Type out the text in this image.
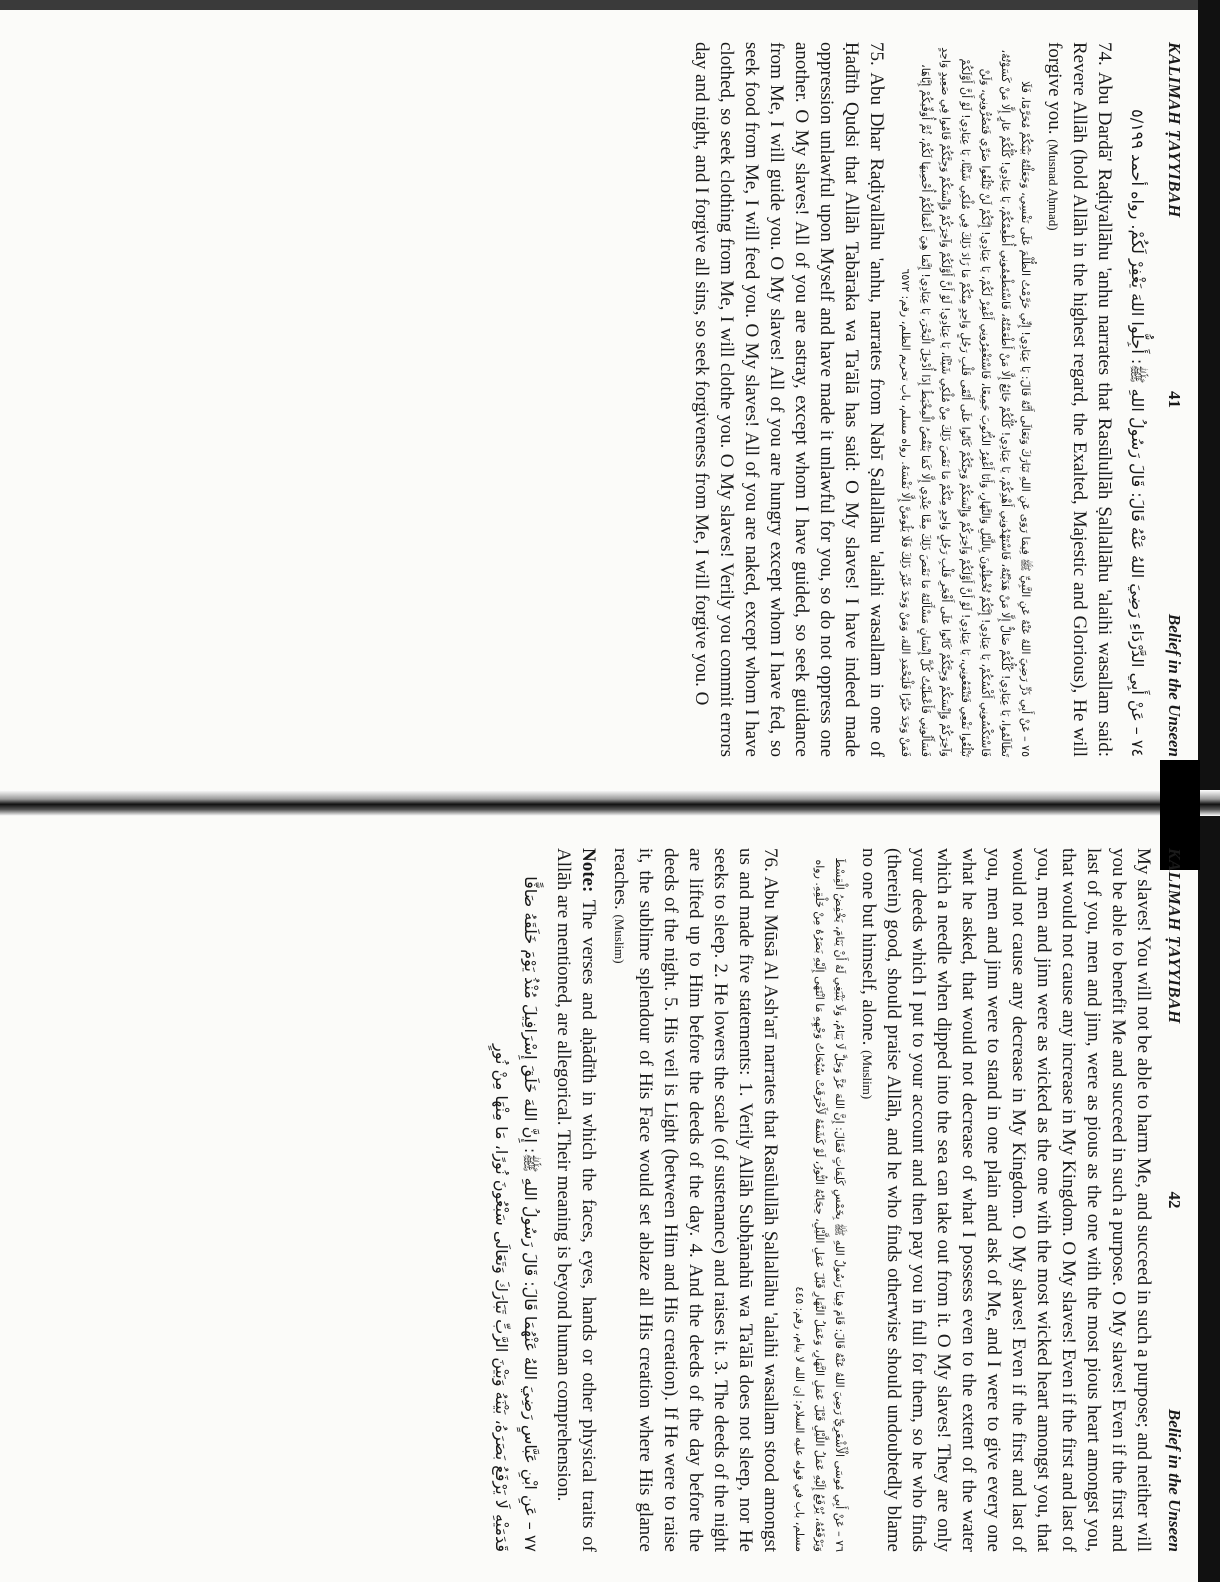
KALIMAH ṬAYYIBAH
41
Belief in the Unseen

٧٤ – عَنْ أَبِي الدَّرْدَاءِ رَضِيَ اللهُ عَنْهُ قَالَ: قَالَ رَسُولُ اللهِ ﷺ: أَجِلُّوا اللهَ يَغْفِرْ لَكُمْ. رواه أحمد ٥/١٩٩

74. Abu Dardā' Raḍiyallāhu 'anhu narrates that Rasūlullāh Ṣallallāhu 'alaihi wasallam said: Revere Allāh (hold Allāh in the highest regard, the Exalted, Majestic and Glorious), He will forgive you. (Musnad Aḥmad)

٧٥ – عَنْ أَبِي ذَرٍّ رَضِيَ اللهُ عَنْهُ عَنِ النَّبِيِّ ﷺ فِيمَا رَوَى عَنِ اللهِ تَبَارَكَ وَتَعَالَى أَنَّهُ قَالَ: يَا عِبَادِي! إِنِّي حَرَّمْتُ الظُّلْمَ عَلَى نَفْسِي، وَجَعَلْتُهُ بَيْنَكُمْ مُحَرَّمًا، فَلَا تَظَالَمُوا، يَا عِبَادِي! كُلُّكُمْ ضَالٌّ إِلَّا مَنْ هَدَيْتُهُ، فَاسْتَهْدُونِي أَهْدِكُمْ، يَا عِبَادِي! كُلُّكُمْ جَائِعٌ إِلَّا مَنْ أَطْعَمْتُهُ، فَاسْتَطْعِمُونِي أُطْعِمْكُمْ، يَا عِبَادِي! كُلُّكُمْ عَارٍ إِلَّا مَنْ كَسَوْتُهُ، فَاسْتَكْسُونِي أَكْسُكُمْ، يَا عِبَادِي! إِنَّكُمْ تُخْطِئُونَ بِاللَّيْلِ وَالنَّهَارِ، وَأَنَا أَغْفِرُ الذُّنُوبَ جَمِيعًا، فَاسْتَغْفِرُونِي أَغْفِرْ لَكُمْ، يَا عِبَادِي! إِنَّكُمْ لَنْ تَبْلُغُوا ضَرِّي فَتَضُرُّونِي، وَلَنْ تَبْلُغُوا نَفْعِي فَتَنْفَعُونِي، يَا عِبَادِي! لَوْ أَنَّ أَوَّلَكُمْ وَآخِرَكُمْ وَإِنْسَكُمْ وَجِنَّكُمْ كَانُوا عَلَى أَتْقَى قَلْبِ رَجُلٍ وَاحِدٍ مِنْكُمْ مَا زَادَ ذَلِكَ فِي مُلْكِي شَيْئًا، يَا عِبَادِي! لَوْ أَنَّ أَوَّلَكُمْ وَآخِرَكُمْ وَإِنْسَكُمْ وَجِنَّكُمْ كَانُوا عَلَى أَفْجَرِ قَلْبِ رَجُلٍ وَاحِدٍ مِنْكُمْ مَا نَقَصَ ذَلِكَ مِنْ مُلْكِي شَيْئًا، يَا عِبَادِي! لَوْ أَنَّ أَوَّلَكُمْ وَآخِرَكُمْ وَإِنْسَكُمْ وَجِنَّكُمْ قَامُوا فِي صَعِيدٍ وَاحِدٍ فَسَأَلُونِي فَأَعْطَيْتُ كُلَّ إِنْسَانٍ مَسْأَلَتَهُ مَا نَقَصَ ذَلِكَ مِمَّا عِنْدِي إِلَّا كَمَا يَنْقُصُ الْمِخْيَطُ إِذَا أُدْخِلَ الْبَحْرَ، يَا عِبَادِي! إِنَّمَا هِيَ أَعْمَالُكُمْ أُحْصِيهَا لَكُمْ، ثُمَّ أُوَفِّيكُمْ إِيَّاهَا، فَمَنْ وَجَدَ خَيْرًا فَلْيَحْمَدِ اللهَ، وَمَنْ وَجَدَ غَيْرَ ذَلِكَ فَلَا يَلُومَنَّ إِلَّا نَفْسَهُ. رواه مسلم، باب تحريم الظلم، رقم: ٦٥٧٢

75. Abu Dhar Raḍiyallāhu 'anhu, narrates from Nabī Ṣallallāhu 'alaihi wasallam in one of Ḥadīth Qudsi that Allāh Tabāraka wa Ta'ālā has said: O My slaves! I have indeed made oppression unlawful upon Myself and have made it unlawful for you, so do not oppress one another. O My slaves! All of you are astray, except whom I have guided, so seek guidance from Me, I will guide you. O My slaves! All of you are hungry except whom I have fed, so seek food from Me, I will feed you. O My slaves! All of you are naked, except whom I have clothed, so seek clothing from Me, I will clothe you. O My slaves! Verily you commit errors day and night, and I forgive all sins, so seek forgiveness from Me, I will forgive you. O

KALIMAH ṬAYYIBAH
42
Belief in the Unseen

My slaves! You will not be able to harm Me, and succeed in such a purpose; and neither will you be able to benefit Me and succeed in such a purpose. O My slaves! Even if the first and last of you, men and jinn, were as pious as the one with the most pious heart amongst you, that would not cause any increase in My Kingdom. O My slaves! Even if the first and last of you, men and jinn were as wicked as the one with the most wicked heart amongst you, that would not cause any decrease in My Kingdom. O My slaves! Even if the first and last of you, men and jinn were to stand in one plain and ask of Me, and I were to give every one what he asked, that would not decrease of what I possess even to the extent of the water which a needle when dipped into the sea can take out from it. O My slaves! They are only your deeds which I put to your account and then pay you in full for them, so he who finds (therein) good, should praise Allāh, and he who finds otherwise should undoubtedly blame no one but himself, alone. (Muslim)

٧٦ – عَنْ أَبِي مُوسَى الْأَشْعَرِيِّ رَضِيَ اللهُ عَنْهُ قَالَ: قَامَ فِينَا رَسُولُ اللهِ ﷺ بِخَمْسِ كَلِمَاتٍ فَقَالَ: إِنَّ اللهَ عَزَّ وَجَلَّ لَا يَنَامُ، وَلَا يَنْبَغِي لَهُ أَنْ يَنَامَ، يَخْفِضُ الْقِسْطَ وَيَرْفَعُهُ، يُرْفَعُ إِلَيْهِ عَمَلُ اللَّيْلِ قَبْلَ عَمَلِ النَّهَارِ، وَعَمَلُ النَّهَارِ قَبْلَ عَمَلِ اللَّيْلِ، حِجَابُهُ النُّورُ، لَوْ كَشَفَهُ لَأَحْرَقَتْ سُبُحَاتُ وَجْهِهِ مَا انْتَهَى إِلَيْهِ بَصَرُهُ مِنْ خَلْقِهِ. رواه مسلم، باب في قوله عليه السلام: إن الله لا ينام، رقم: ٤٤٥

76. Abu Mūsā Al Ash'arī narrates that Rasūlullāh Ṣallallāhu 'alaihi wasallam stood amongst us and made five statements: 1. Verily Allāh Subḥānahū wa Ta'ālā does not sleep, nor He seeks to sleep. 2. He lowers the scale (of sustenance) and raises it. 3. The deeds of the night are lifted up to Him before the deeds of the day. 4. And the deeds of the day before the deeds of the night. 5. His veil is Light (between Him and His creation). If He were to raise it, the sublime splendour of His Face would set ablaze all His creation where His glance reaches. (Muslim)

Note: The verses and aḥādīth in which the faces, eyes, hands or other physical traits of Allāh are mentioned, are allegorical. Their meaning is beyond human comprehension.

٧٧ – عَنِ ابْنِ عَبَّاسٍ رَضِيَ اللهُ عَنْهُمَا قَالَ: قَالَ رَسُولُ اللهِ ﷺ: إِنَّ اللهَ خَلَقَ إِسْرَافِيلَ مُنْذُ يَوْمَ خَلَقَهُ صَافًّا قَدَمَيْهِ لَا يَرْفَعُ بَصَرَهُ، بَيْنَهُ وَبَيْنَ الرَّبِّ تَبَارَكَ وَتَعَالَى سَبْعُونَ نُورًا، مَا مِنْهَا مِنْ نُورٍ
